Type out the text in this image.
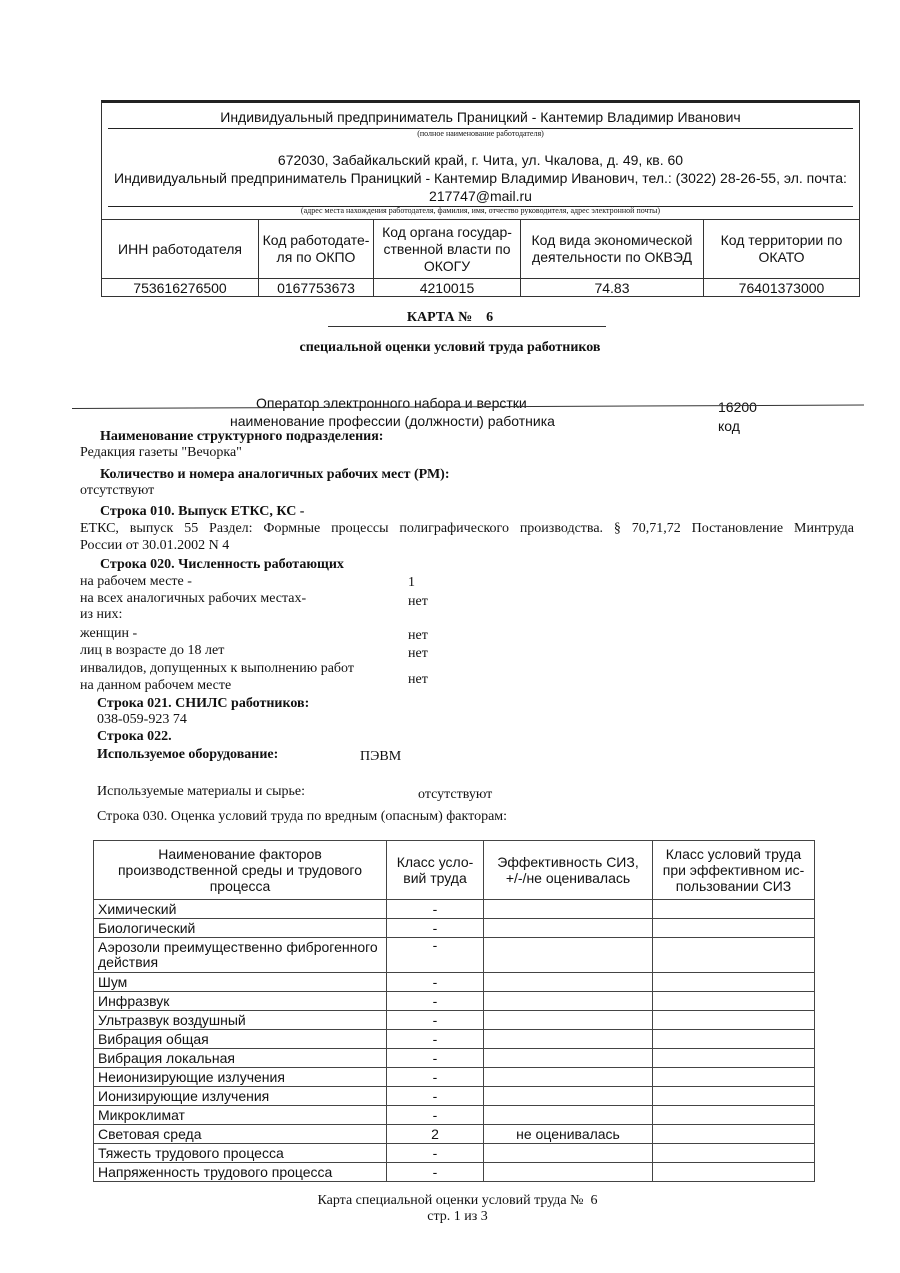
Индивидуальный предприниматель Праницкий - Кантемир Владимир Иванович
(полное наименование работодателя)
672030, Забайкальский край, г. Чита, ул. Чкалова, д. 49, кв. 60
Индивидуальный предприниматель Праницкий - Кантемир Владимир Иванович, тел.: (3022) 28-26-55, эл. почта: 217747@mail.ru
(адрес места нахождения работодателя, фамилия, имя, отчество руководителя, адрес электронной почты)
ИНН работодателя	Код работодате-ля по ОКПО	Код органа государ-ственной власти по ОКОГУ	Код вида экономической деятельности по ОКВЭД	Код территории по ОКАТО
753616276500	0167753673	4210015	74.83	76401373000
КАРТА №    6
специальной оценки условий труда работников
Оператор электронного набора и верстки	16200
наименование профессии (должности) работника	код
Наименование структурного подразделения:
Редакция газеты "Вечорка"
Количество и номера аналогичных рабочих мест (РМ):
отсутствуют
Строка 010. Выпуск ЕТКС, КС -
ЕТКС, выпуск 55 Раздел: Формные процессы полиграфического производства. § 70,71,72 Постановление Минтруда
России от 30.01.2002 N 4
Строка 020. Численность работающих
на рабочем месте -	1
на всех аналогичных рабочих местах-	нет
из них:
женщин -	нет
лиц в возрасте до 18 лет	нет
инвалидов, допущенных к выполнению работ
на данном рабочем месте	нет
Строка 021. СНИЛС работников:
038-059-923 74
Строка 022.
Используемое оборудование:	ПЭВМ
Используемые материалы и сырье:	отсутствуют
Строка 030. Оценка условий труда по вредным (опасным) факторам:
Наименование факторов производственной среды и трудового процесса	Класс усло-вий труда	Эффективность СИЗ, +/-/не оценивалась	Класс условий труда при эффективном ис-пользовании СИЗ
Химический	-		
Биологический	-		
Аэрозоли преимущественно фиброгенного действия	-		
Шум	-		
Инфразвук	-		
Ультразвук воздушный	-		
Вибрация общая	-		
Вибрация локальная	-		
Неионизирующие излучения	-		
Ионизирующие излучения	-		
Микроклимат	-		
Световая среда	2	не оценивалась	
Тяжесть трудового процесса	-		
Напряженность трудового процесса	-		
Карта специальной оценки условий труда №  6
стр. 1 из 3
